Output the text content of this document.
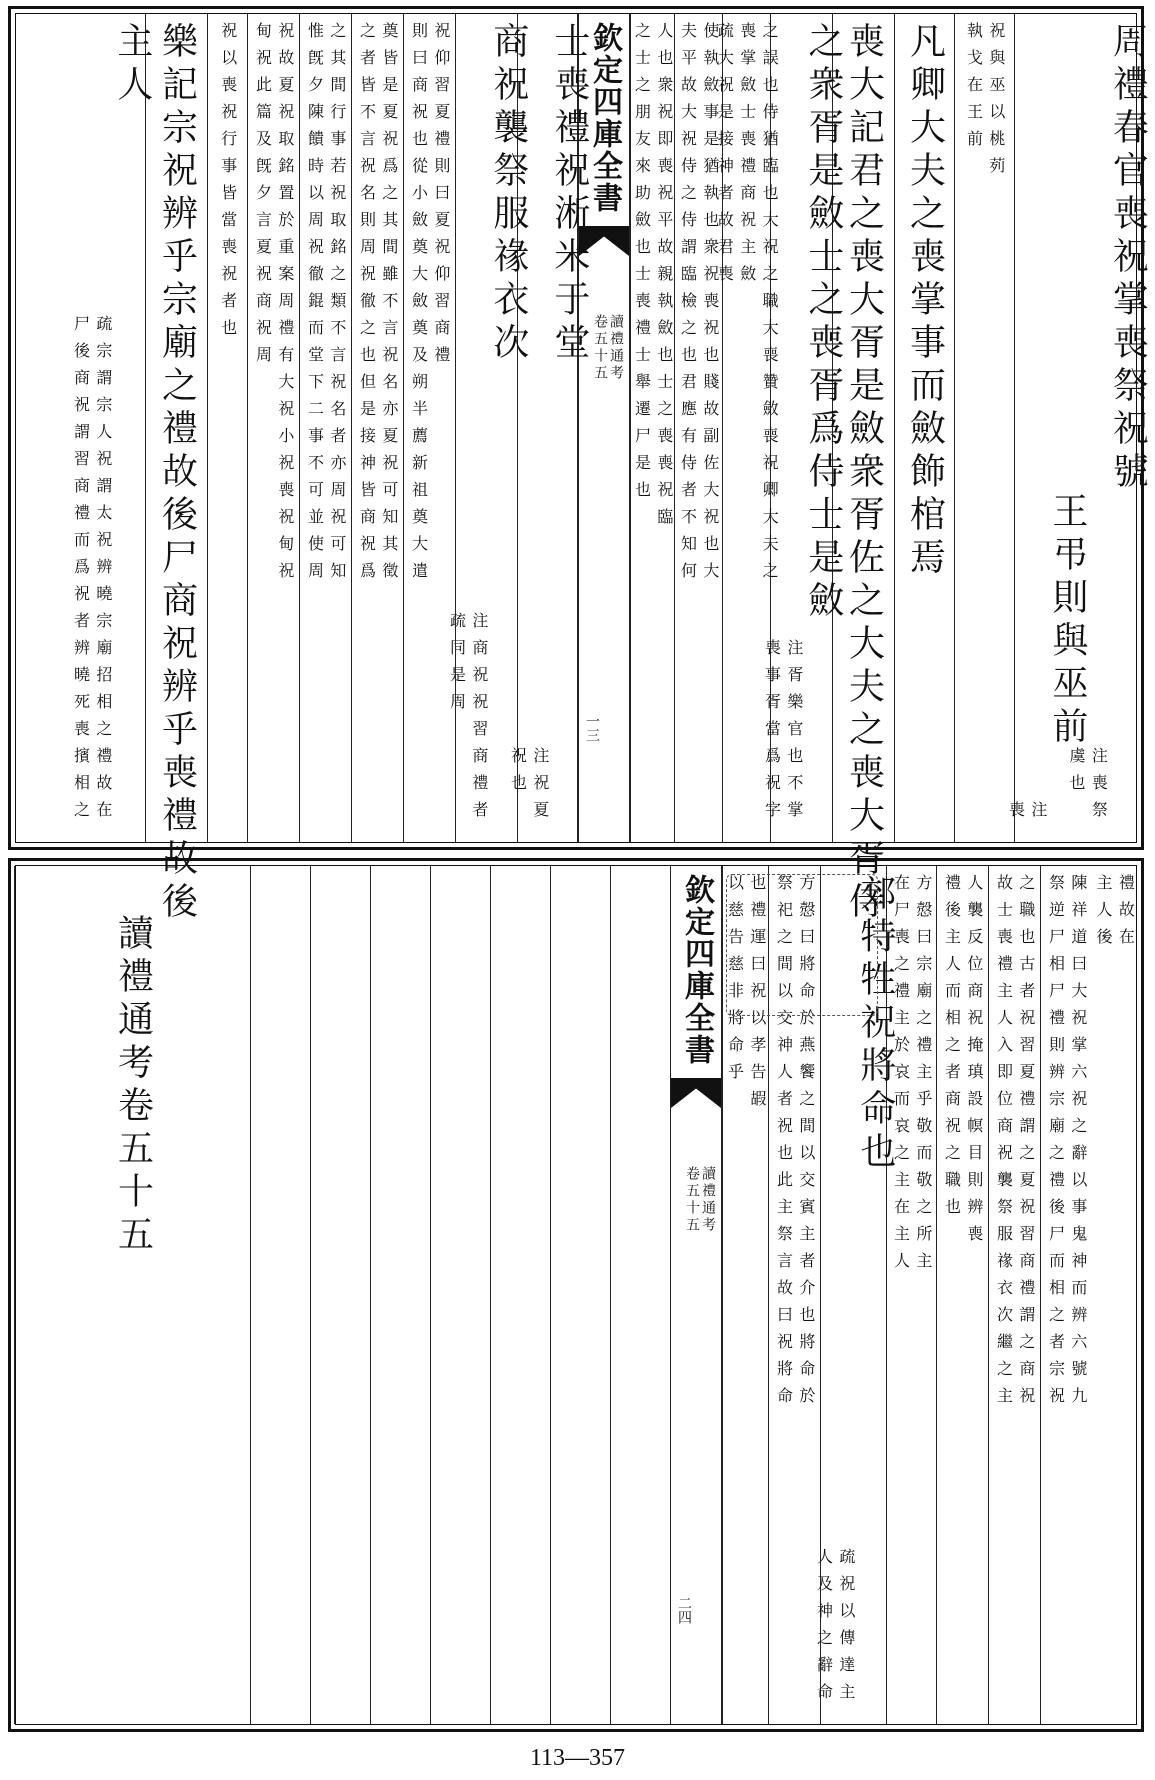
周禮春官喪祝掌喪祭祝號
注喪祭
虞也
王弔則與巫前
注
喪
祝與巫以桃茢
執戈在王前
凡卿大夫之喪掌事而斂飾棺焉
喪大記君之喪大胥是斂衆胥佐之大夫之喪大胥侍
之衆胥是斂士之喪胥爲侍士是斂
注胥樂官也不掌
喪事胥當爲祝字
之誤也侍猶臨也大祝之職大喪贊斂喪祝卿大夫之
喪掌斂士喪禮商祝主斂
疏大祝是接神者故君喪
使執斂事是猶執也衆祝喪祝也賤故副佐大祝也大
夫平故大祝侍之侍謂臨檢之也君應有侍者不知何
人也衆祝即喪祝平故親執斂也士之喪喪祝臨
之士之朋友來助斂也士喪禮士舉遷尸是也
欽定四庫全書
讀禮通考
卷五十五
一三
士喪禮祝淅米于堂
注祝夏
祝也
商祝襲祭服禒衣次
注商祝祝習商禮者
疏同是周
祝仰習夏禮則曰夏祝仰習商禮
則曰商祝也從小斂奠大斂奠及朔半薦新祖奠大遣
奠皆是夏祝爲之其間雖不言祝名亦夏祝可知其徵
之者皆不言祝名則周祝徹之也但是接神皆商祝爲
之其間行事若祝取銘之類不言祝名者亦周祝可知
惟旣夕陳饋時以周祝徹錕而堂下二事不可並使周
祝故夏祝取銘置於重案周禮有大祝小祝喪祝甸祝
甸祝此篇及旣夕言夏祝商祝周
祝以喪祝行事皆當喪祝者也
樂記宗祝辨乎宗廟之禮故後尸商祝辨乎喪禮故後
主人
疏宗謂宗人祝謂太祝辨曉宗廟招相之禮故在
尸後商祝謂習商禮而爲祝者辨曉死喪擯相之
禮故在
主人後
陳祥道曰大祝掌六祝之辭以事鬼神而辨六號九
祭逆尸相尸禮則辨宗廟之禮後尸而相之者宗祝
之職也古者祝習夏禮謂之夏祝習商禮謂之商祝
故士喪禮主人入即位商祝襲祭服禒衣次繼之主
人襲反位商祝掩瑱設幎目則辨喪
禮後主人而相之者商祝之職也
方慤曰宗廟之禮主乎敬而敬之所主
在尸喪之禮主於哀而哀之主在主人
郊特牲祝將命也
疏祝以傳達主
人及神之辭命
方慤曰將命於燕饗之間以交賓主者介也將命於
祭祀之間以交神人者祝也此主祭言故曰祝將命
也禮運曰祝以孝告嘏
以慈告慈非將命乎
欽定四庫全書
讀禮通考
卷五十五
二四
讀禮通考卷五十五
113—357
